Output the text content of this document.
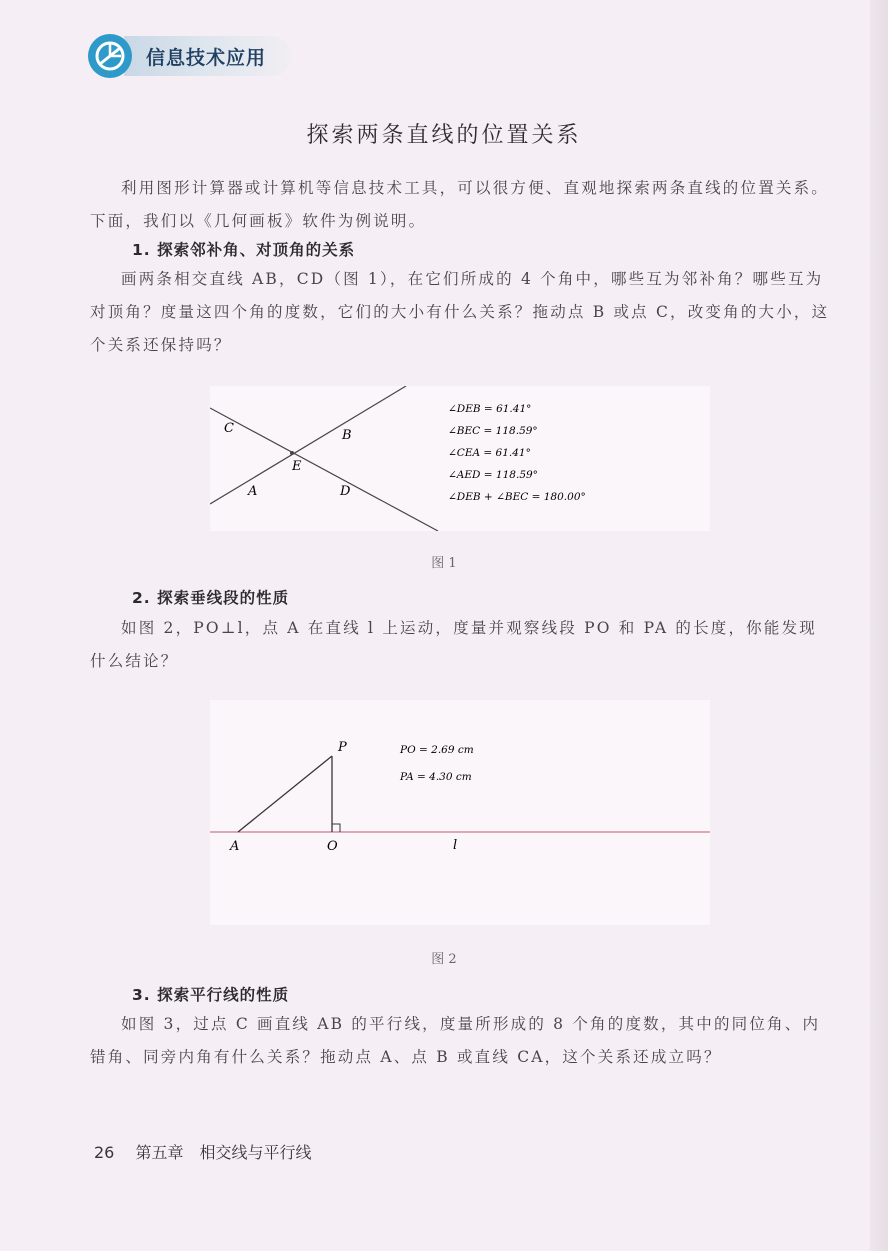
信息技术应用
探索两条直线的位置关系
利用图形计算器或计算机等信息技术工具，可以很方便、直观地探索两条直线的位置关系。下面，我们以《几何画板》软件为例说明。
1. 探索邻补角、对顶角的关系
画两条相交直线 AB，CD（图 1），在它们所成的 4 个角中，哪些互为邻补角？哪些互为对顶角？度量这四个角的度数，它们的大小有什么关系？拖动点 B 或点 C，改变角的大小，这个关系还保持吗？
C	B
E
A	D
∠DEB = 61.41°
∠BEC = 118.59°
∠CEA = 61.41°
∠AED = 118.59°
∠DEB + ∠BEC = 180.00°
图 1
2. 探索垂线段的性质
如图 2，PO⊥l，点 A 在直线 l 上运动，度量并观察线段 PO 和 PA 的长度，你能发现什么结论？
P
A	O	l
PO = 2.69 cm
PA = 4.30 cm
图 2
3. 探索平行线的性质
如图 3，过点 C 画直线 AB 的平行线，度量所形成的 8 个角的度数，其中的同位角、内错角、同旁内角有什么关系？拖动点 A、点 B 或直线 CA，这个关系还成立吗？
26 第五章　相交线与平行线
